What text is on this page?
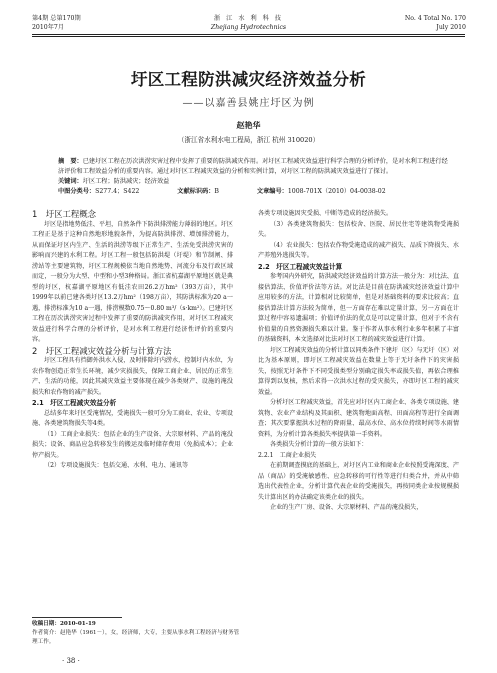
第4期 总第170期
2010年7月
浙 江 水 利 科 技
Zhejiang Hydrotechnics
No. 4 Total No. 170
July 2010
圩区工程防洪减灾经济效益分析
——以嘉善县姚庄圩区为例
赵艳华
（浙江省水利水电工程局，浙江 杭州 310020）

摘　要：已建圩区工程在历次洪涝灾害过程中发挥了重要的防洪减灾作用。对圩区工程减灾效益进行科学合理的分析评价，是对水利工程进行经济评价和工程效益分析的重要内容。通过对圩区工程减灾效益的分析和实例计算，对圩区工程的防洪减灾效益进行了探讨。

关键词：圩区工程；防洪减灾；经济效益

中图分类号：S277.4；S422	文献标识码：B	文章编号：1008-701X（2010）04-0038-02

1　圩区工程概念

圩区是指地势低洼、平坦，自然条件下防洪排涝能力薄弱的地区。圩区工程正是基于这种自然地形地貌条件，为提高防洪排涝、增加排涝能力，从而保证圩区内生产、生活的洪涝等级下正常生产、生活免受洪涝灾害的影响而兴建的水利工程。圩区工程一般包括防洪堤（圩堤）和节制闸、排涝站等主要建筑物，圩区工程规模依当地自然地势、河流分布及行政区域而定，一般分为大型、中型和小型3种格局。浙江省杭嘉湖平原地区就是典型的圩区，杭嘉湖平原地区有低洼农田26.2万hm²（393万亩），其中1999年以前已建各类圩区13.2万hm²（198万亩），其防洪标准为20 a一遇，排涝标准为10 a一遇，排涝模数0.75～0.80 m³/（s·km²）。已建圩区工程在历次洪涝灾害过程中发挥了重要的防洪减灾作用，对圩区工程减灾效益进行科学合理的分析评价，是对水利工程进行经济性评价的重要内容。

2　圩区工程减灾效益分析与计算方法

圩区工程具有挡御外洪水入侵，及时排除圩内涝水，控制圩内水位，为农作物创造正常生长环境，减少灾损损失，保障工商企业、居民的正常生产、生活的功能，因此其减灾效益主要体现在减少各类财产、设施的淹没损失和农作物的减产损失。

2.1　圩区工程减灾效益分析

总结多年来圩区受淹情况，受淹损失一般可分为工商业、农业、专项设施、各类建筑物损失等4类。

（1）工商企业损失：包括企业的生产设备、大宗原材料、产品的淹没损失；设备、商品应急转移发生的搬运及临时储存费用（免损成本）；企业停产损失。

（2）专项设施损失：包括交通、水利、电力、通讯等

各类专项设施因灾受损、中断等造成的经济损失。

（3）各类建筑物损失：包括校舍、医院、居民住宅等建筑物受淹损失。

（4）农业损失：包括农作物受淹造成的减产损失、品质下降损失、水产养殖外逃损失等。

2.2　圩区工程减灾效益计算

参考国内外研究，防洪减灾经济效益的计算方法一般分为：对比法、直接估算法、价值评价法等方法。对比法是目前在防洪减灾经济效益计算中应用较多的方法，计算相对比较简单，但是对基础资料的要求比较高；直接估算法计算方法较为简单，但一方面存在难以定量计算，另一方面在计算过程中容易遗漏项；价值评价法的优点是可以定量计算，但对于不含有价值量的自然资源损失难以计量。鉴于作者从事水利行业多年积累了丰富的基础资料，本文选择对比法对圩区工程的减灾效益进行计算。

圩区工程减灾效益的分析计算以同类条件下建圩（区）与无圩（区）对比为基本原则，即圩区工程减灾效益在数量上等于无圩条件下的灾害损失，按照无圩条件下不同受损类型分别确定损失率或损失值，再依合理推算得到以复核，然后求得一次洪水过程的受灾损失，亦即圩区工程的减灾效益。

分析圩区工程减灾效益，首先应对圩区内工商企业、各类专项设施、建筑物、农业产业结构及其面积、建筑物地面高程、田面高程等进行全面调查；其次要掌握洪水过程的降雨量、最高水位、高水位持续时间等水雨情资料，为分析计算各类损失率提供第一手资料。

各类损失分析计算的一般方法如下：

2.2.1　工商企业损失

在前期调查摸底的基础上，对圩区内工业和商业企业按照受淹深度、产品（商品）的受淹敏感性、应急转移的可行性等进行归类合并，并从中筛选出代表性企业，分析计算代表企业的受淹损失，再按同类企业按规模损失计算出区的办法确定该类企业的损失。

企业的生产厂房、设备、大宗原材料、产品的淹没损失，

收稿日期：2010-01-19
作者简介：赵艳华（1961－），女，经济师，大专，主要从事水利工程经济与财务管理工作。
· 38 ·
